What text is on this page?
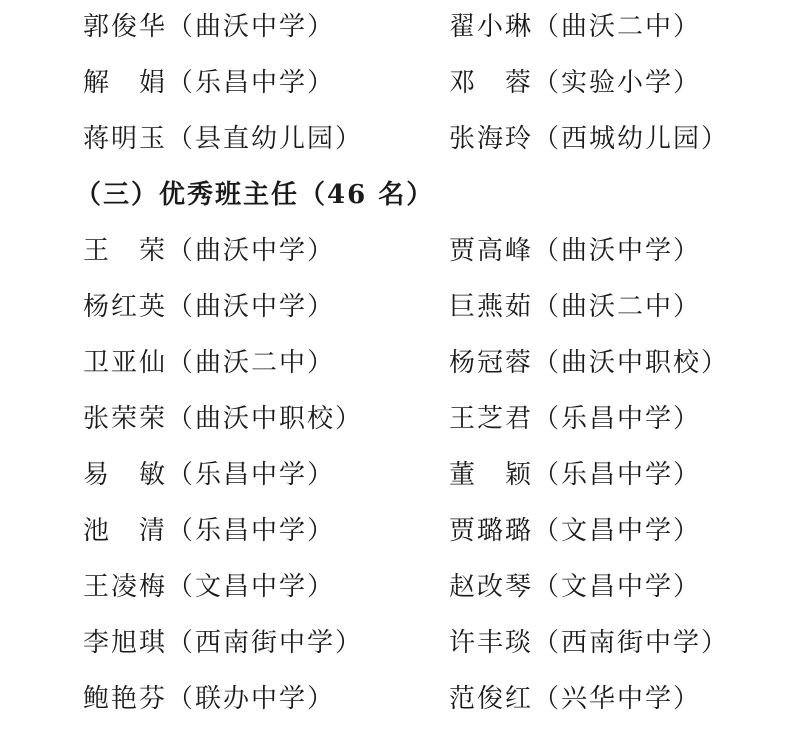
郭俊华（曲沃中学）	翟小琳（曲沃二中）
解　娟（乐昌中学）	邓　蓉（实验小学）
蒋明玉（县直幼儿园）	张海玲（西城幼儿园）
（三）优秀班主任（46 名）
王　荣（曲沃中学）	贾高峰（曲沃中学）
杨红英（曲沃中学）	巨燕茹（曲沃二中）
卫亚仙（曲沃二中）	杨冠蓉（曲沃中职校）
张荣荣（曲沃中职校）	王芝君（乐昌中学）
易　敏（乐昌中学）	董　颖（乐昌中学）
池　清（乐昌中学）	贾璐璐（文昌中学）
王凌梅（文昌中学）	赵改琴（文昌中学）
李旭琪（西南街中学）	许丰琰（西南街中学）
鲍艳芬（联办中学）	范俊红（兴华中学）
